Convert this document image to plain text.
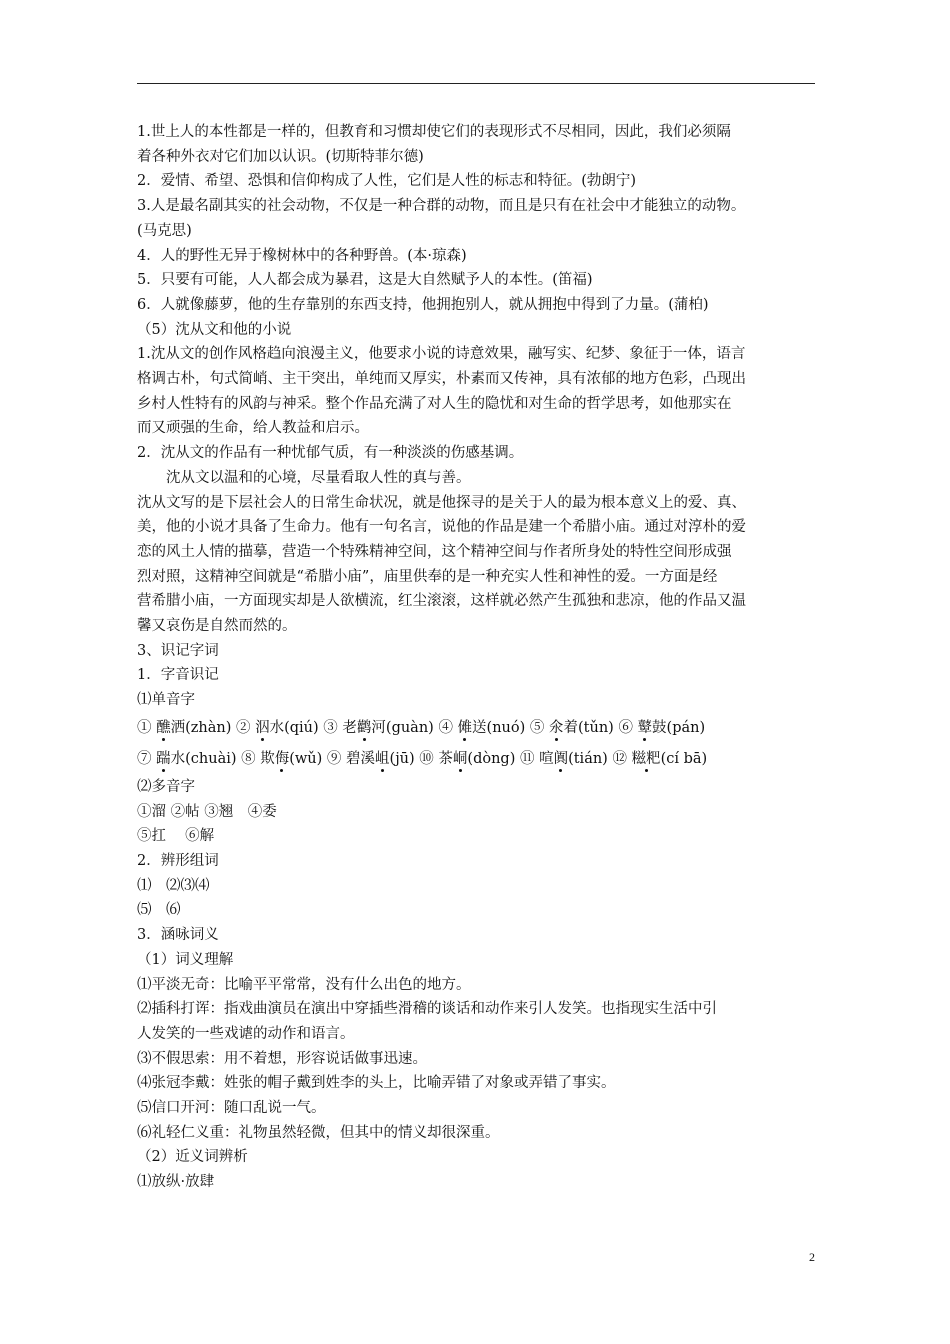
1.世上人的本性都是一样的，但教育和习惯却使它们的表现形式不尽相同，因此，我们必须隔
着各种外衣对它们加以认识。(切斯特菲尔德)
2．爱情、希望、恐惧和信仰构成了人性，它们是人性的标志和特征。(勃朗宁)
3.人是最名副其实的社会动物，不仅是一种合群的动物，而且是只有在社会中才能独立的动物。
(马克思)
4．人的野性无异于橡树林中的各种野兽。(本·琼森)
5．只要有可能，人人都会成为暴君，这是大自然赋予人的本性。(笛福)
6．人就像藤萝，他的生存靠别的东西支持，他拥抱别人，就从拥抱中得到了力量。(蒲柏)
（5）沈从文和他的小说
1.沈从文的创作风格趋向浪漫主义，他要求小说的诗意效果，融写实、纪梦、象征于一体，语言
格调古朴，句式简峭、主干突出，单纯而又厚实，朴素而又传神，具有浓郁的地方色彩，凸现出
乡村人性特有的风韵与神采。整个作品充满了对人生的隐忧和对生命的哲学思考，如他那实在
而又顽强的生命，给人教益和启示。
2．沈从文的作品有一种忧郁气质，有一种淡淡的伤感基调。
　　沈从文以温和的心境，尽量看取人性的真与善。
沈从文写的是下层社会人的日常生命状况，就是他探寻的是关于人的最为根本意义上的爱、真、
美，他的小说才具备了生命力。他有一句名言，说他的作品是建一个希腊小庙。通过对淳朴的爱
恋的风土人情的描摹，营造一个特殊精神空间，这个精神空间与作者所身处的特性空间形成强
烈对照，这精神空间就是“希腊小庙”，庙里供奉的是一种充实人性和神性的爱。一方面是经
营希腊小庙，一方面现实却是人欲横流，红尘滚滚，这样就必然产生孤独和悲凉，他的作品又温
馨又哀伤是自然而然的。
3、识记字词
1．字音识记
⑴单音字
① 醮洒(zhàn) ② 泅水(qiú) ③ 老鹳河(guàn) ④ 傩送(nuó) ⑤ 氽着(tǔn) ⑥ 鼙鼓(pán)
⑦ 踹水(chuài) ⑧ 欺侮(wǔ) ⑨ 碧溪岨(jū) ⑩ 茶峒(dòng) ⑪ 喧阗(tián) ⑫ 糍粑(cí bā)
⑵多音字
①溜 ②帖 ③翘　④委
⑤扛　 ⑥解
2．辨形组词
⑴　⑵⑶⑷
⑸　⑹
3．涵咏词义
（1）词义理解
⑴平淡无奇：比喻平平常常，没有什么出色的地方。
⑵插科打诨：指戏曲演员在演出中穿插些滑稽的谈话和动作来引人发笑。也指现实生活中引
人发笑的一些戏谑的动作和语言。
⑶不假思索：用不着想，形容说话做事迅速。
⑷张冠李戴：姓张的帽子戴到姓李的头上，比喻弄错了对象或弄错了事实。
⑸信口开河：随口乱说一气。
⑹礼轻仁义重：礼物虽然轻微，但其中的情义却很深重。
（2）近义词辨析
⑴放纵·放肆
2
